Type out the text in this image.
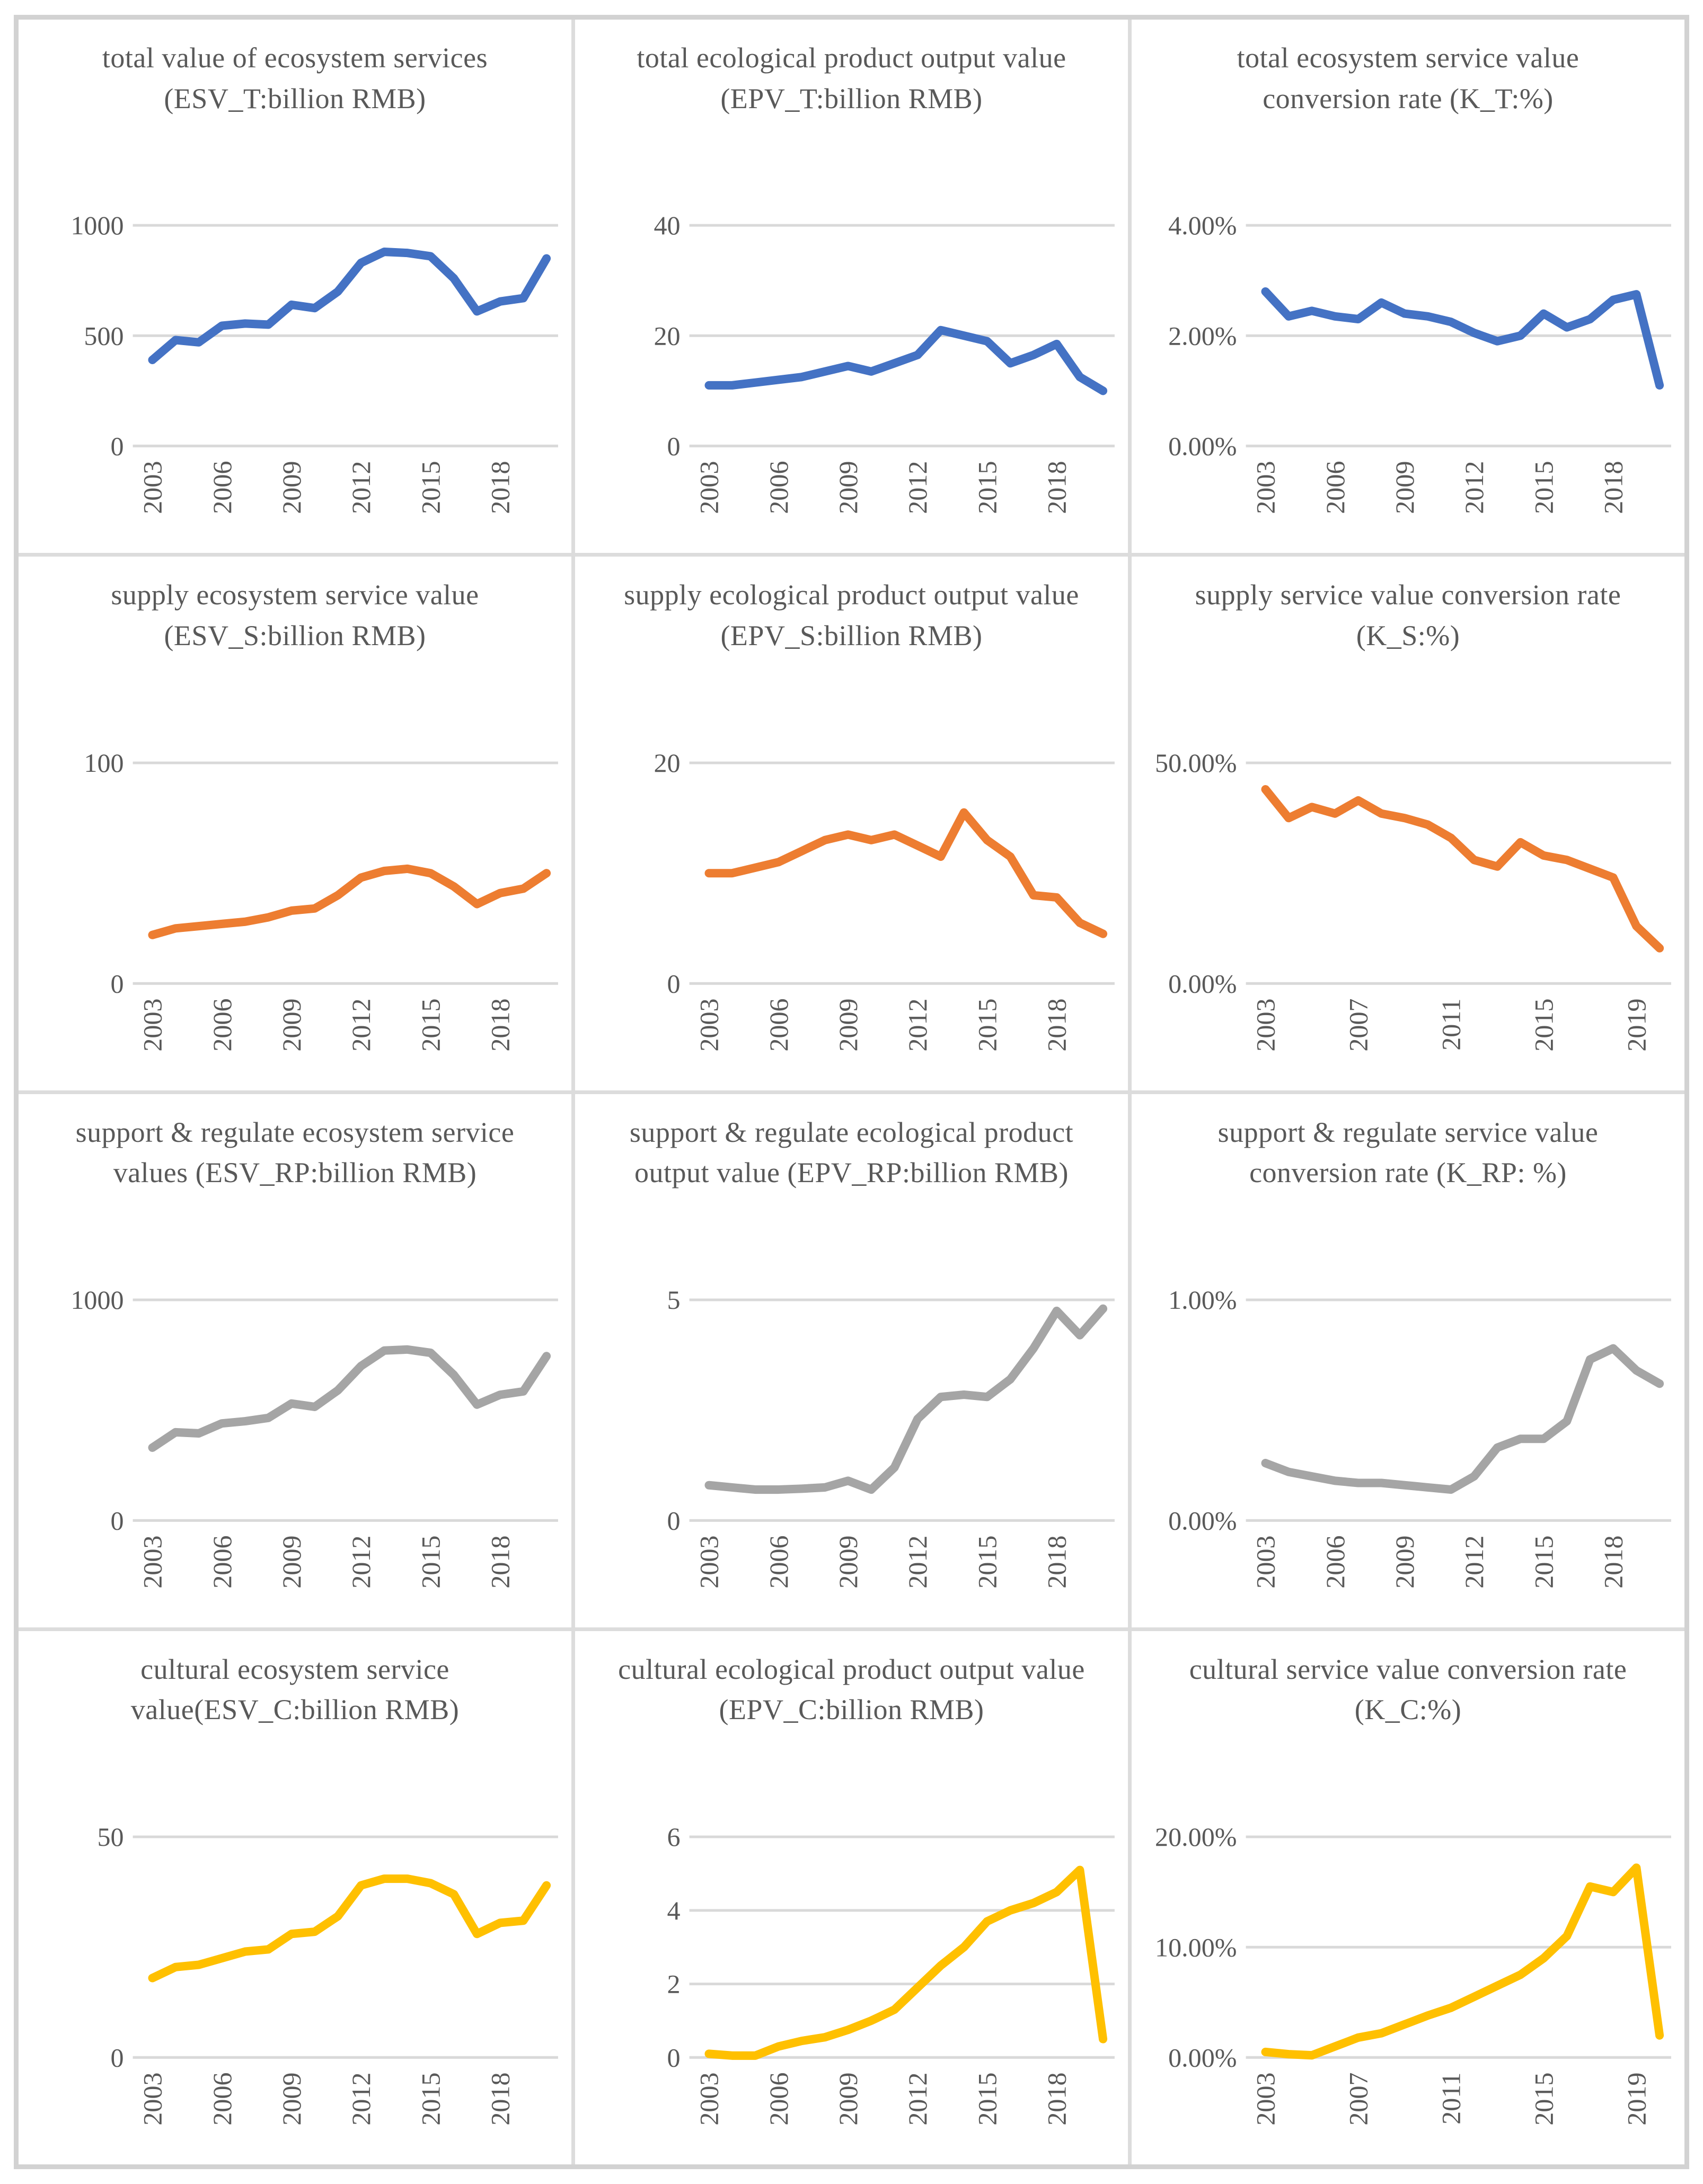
total value of ecosystem services (ESV_T:billion RMB)
0
500
1000
2003 2006 2009 2012 2015 2018
total ecological product output value (EPV_T:billion RMB)
0
20
40
2003 2006 2009 2012 2015 2018
total ecosystem service value conversion rate (K_T:%)
0.00%
2.00%
4.00%
2003 2006 2009 2012 2015 2018
supply ecosystem service value (ESV_S:billion RMB)
0
100
2003 2006 2009 2012 2015 2018
supply ecological product output value (EPV_S:billion RMB)
0
20
2003 2006 2009 2012 2015 2018
supply service value conversion rate (K_S:%)
0.00%
50.00%
2003 2007 2011 2015 2019
support & regulate ecosystem service values (ESV_RP:billion RMB)
0
1000
2003 2006 2009 2012 2015 2018
support & regulate ecological product output value (EPV_RP:billion RMB)
0
5
2003 2006 2009 2012 2015 2018
support & regulate service value conversion rate (K_RP: %)
0.00%
1.00%
2003 2006 2009 2012 2015 2018
cultural ecosystem service value(ESV_C:billion RMB)
0
50
2003 2006 2009 2012 2015 2018
cultural ecological product output value (EPV_C:billion RMB)
0
2
4
6
2003 2006 2009 2012 2015 2018
cultural service value conversion rate (K_C:%)
0.00%
10.00%
20.00%
2003 2007 2011 2015 2019
